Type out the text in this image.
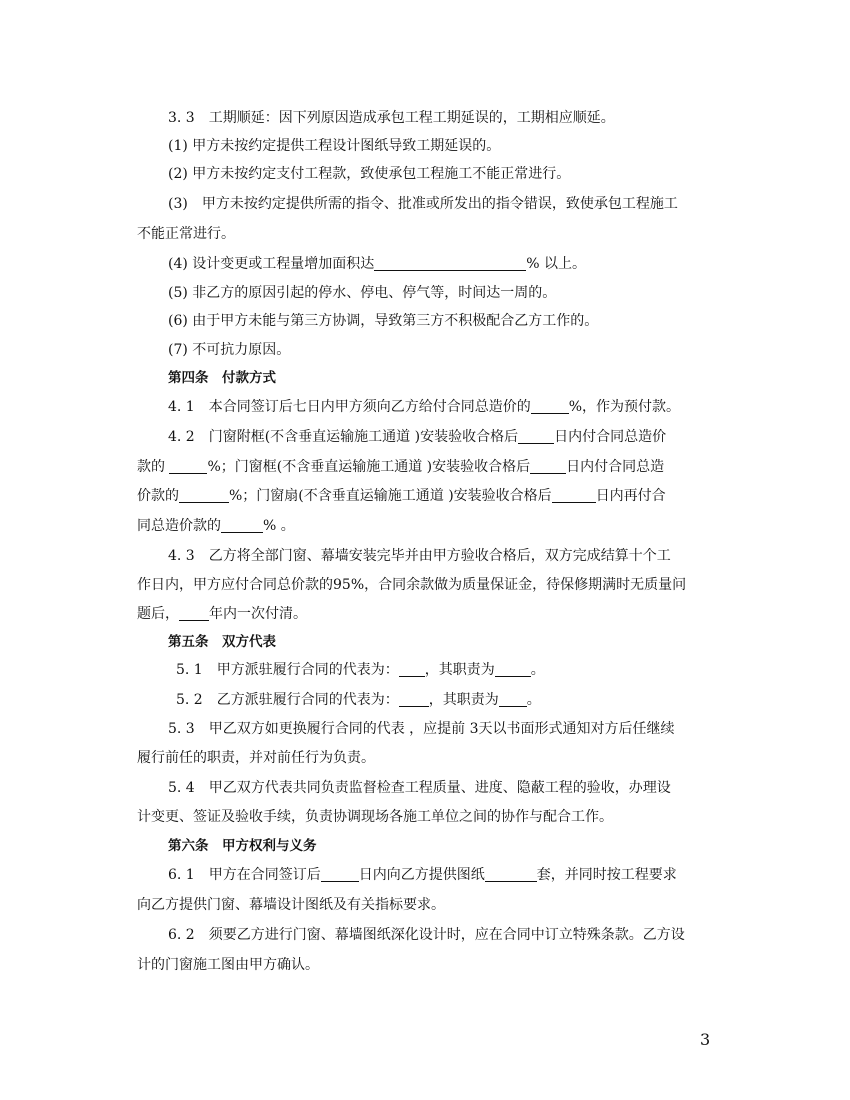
3. 3　工期顺延：因下列原因造成承包工程工期延误的，工期相应顺延。
(1) 甲方未按约定提供工程设计图纸导致工期延误的。
(2) 甲方未按约定支付工程款，致使承包工程施工不能正常进行。
(3)　甲方未按约定提供所需的指令、批准或所发出的指令错误，致使承包工程施工
不能正常进行。
(4) 设计变更或工程量增加面积达	% 以上。
(5) 非乙方的原因引起的停水、停电、停气等，时间达一周的。
(6) 由于甲方未能与第三方协调，导致第三方不积极配合乙方工作的。
(7) 不可抗力原因。
第四条　付款方式
4. 1　本合同签订后七日内甲方须向乙方给付合同总造价的	%，作为预付款。
4. 2　门窗附框(不含垂直运输施工通道 )安装验收合格后	日内付合同总造价
款的	%；门窗框(不含垂直运输施工通道 )安装验收合格后	日内付合同总造
价款的	%；门窗扇(不含垂直运输施工通道 )安装验收合格后	日内再付合
同总造价款的	% 。
4. 3　乙方将全部门窗、幕墙安装完毕并由甲方验收合格后，双方完成结算十个工
作日内，甲方应付合同总价款的95%，合同余款做为质量保证金，待保修期满时无质量问
题后， 年内一次付清。
第五条　双方代表
5. 1　甲方派驻履行合同的代表为： ，其职责为	。
5. 2　乙方派驻履行合同的代表为： ，其职责为 。
5. 3　甲乙双方如更换履行合同的代表 ，应提前 3天以书面形式通知对方后任继续
履行前任的职责，并对前任行为负责。
5. 4　甲乙双方代表共同负责监督检查工程质量、进度、隐蔽工程的验收，办理设
计变更、签证及验收手续，负责协调现场各施工单位之间的协作与配合工作。
第六条　甲方权利与义务
6. 1　甲方在合同签订后	日内向乙方提供图纸	套，并同时按工程要求
向乙方提供门窗、幕墙设计图纸及有关指标要求。
6. 2　须要乙方进行门窗、幕墙图纸深化设计时，应在合同中订立特殊条款。乙方设
计的门窗施工图由甲方确认。
3
